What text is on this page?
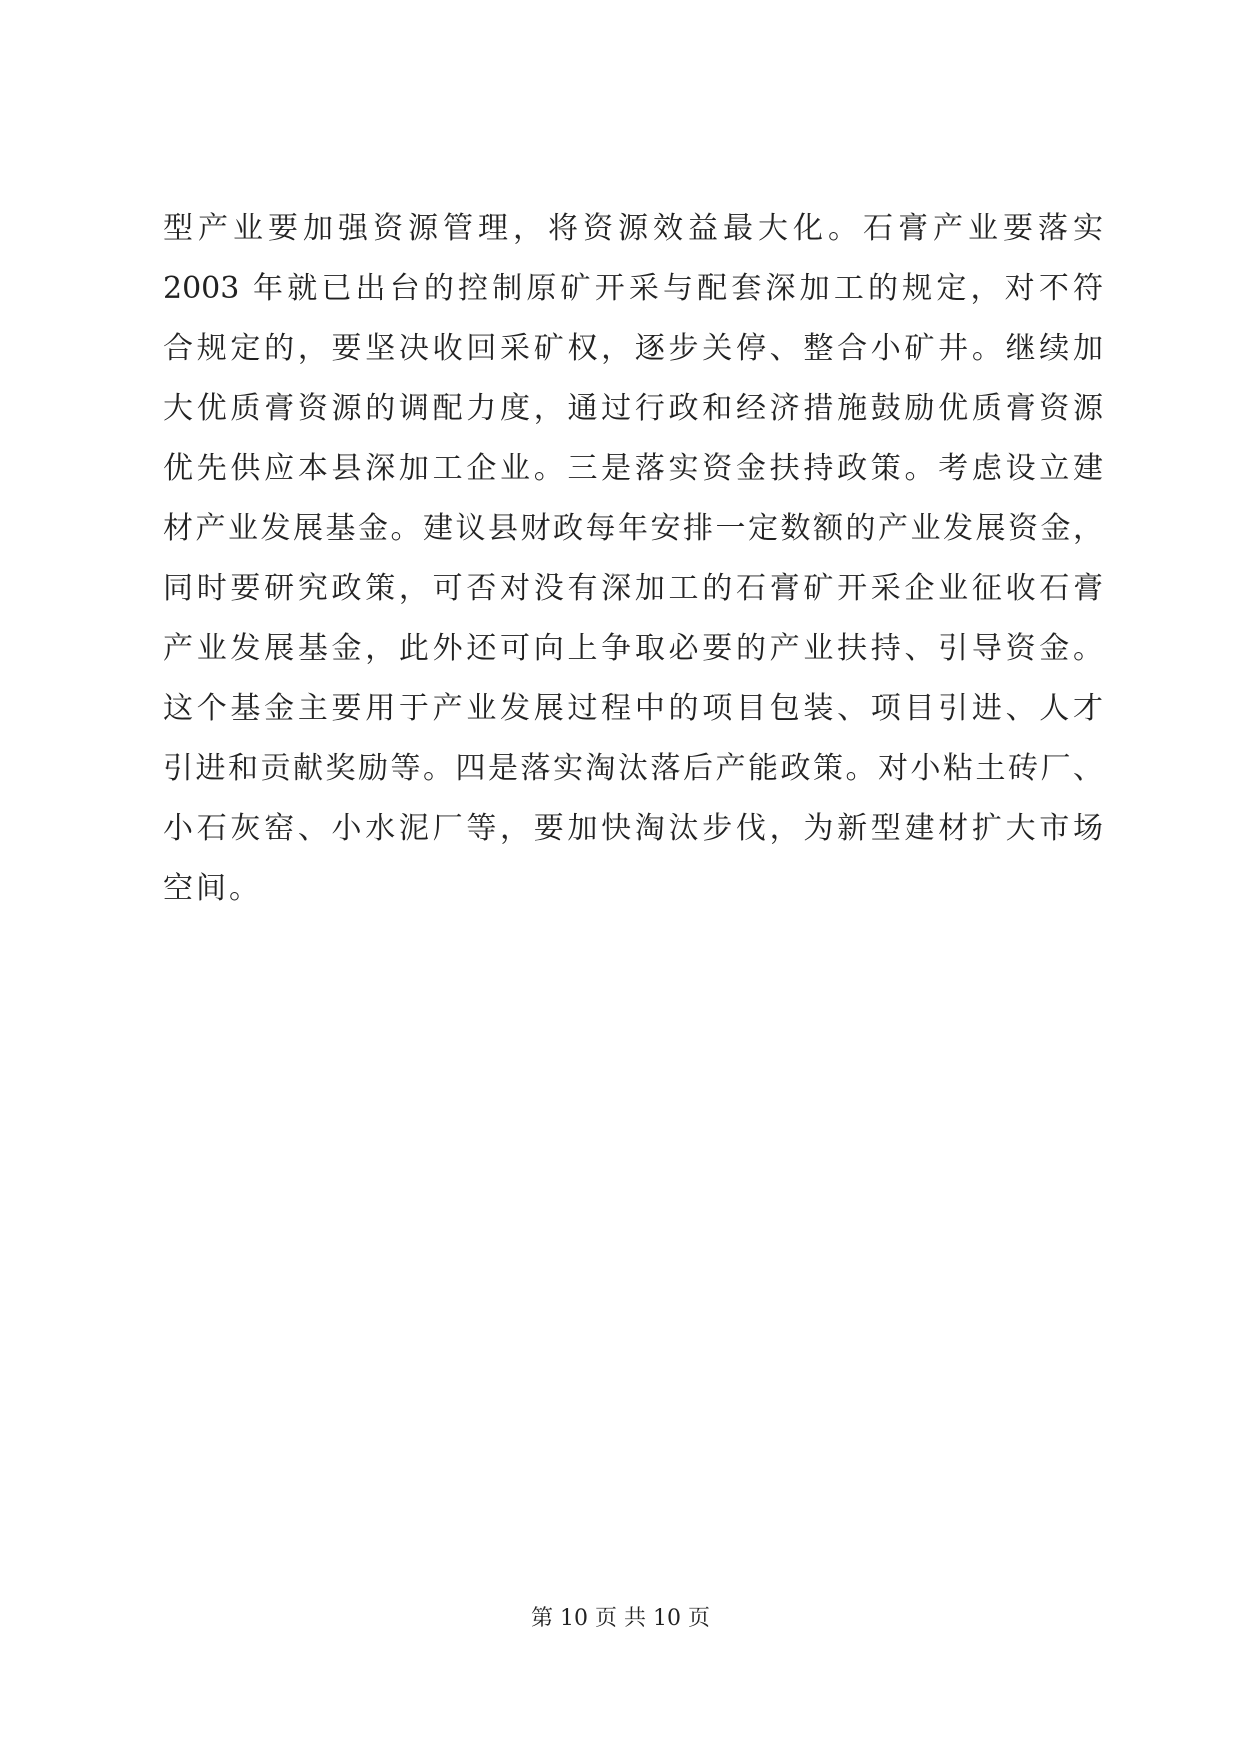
型产业要加强资源管理，将资源效益最大化。石膏产业要落实
2003 年就已出台的控制原矿开采与配套深加工的规定，对不符
合规定的，要坚决收回采矿权，逐步关停、整合小矿井。继续加
大优质膏资源的调配力度，通过行政和经济措施鼓励优质膏资源
优先供应本县深加工企业。三是落实资金扶持政策。考虑设立建
材产业发展基金。建议县财政每年安排一定数额的产业发展资金，
同时要研究政策，可否对没有深加工的石膏矿开采企业征收石膏
产业发展基金，此外还可向上争取必要的产业扶持、引导资金。
这个基金主要用于产业发展过程中的项目包装、项目引进、人才
引进和贡献奖励等。四是落实淘汰落后产能政策。对小粘土砖厂、
小石灰窑、小水泥厂等，要加快淘汰步伐，为新型建材扩大市场
空间。
第 10 页 共 10 页
